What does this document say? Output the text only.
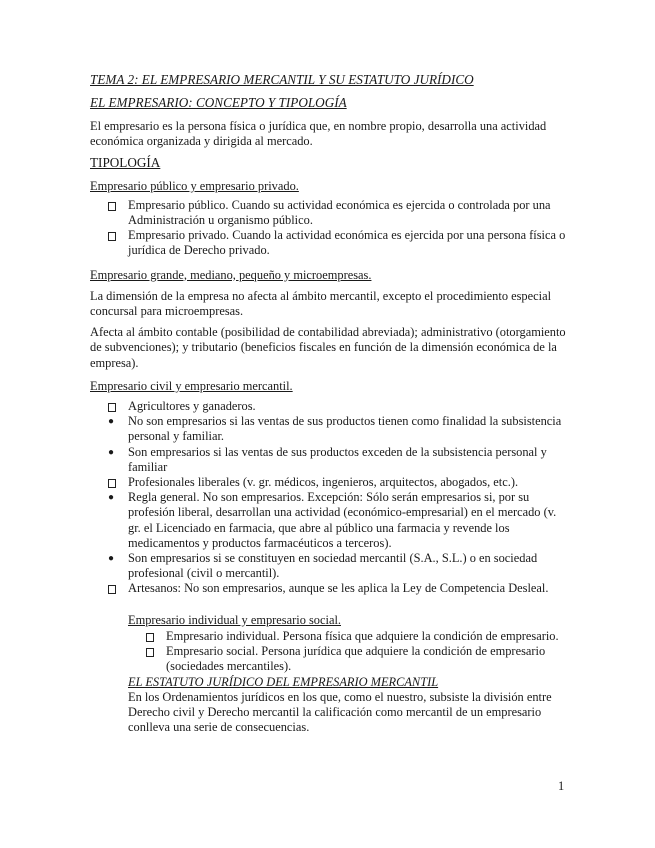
TEMA 2: EL EMPRESARIO MERCANTIL Y SU ESTATUTO JURÍDICO

EL EMPRESARIO: CONCEPTO Y TIPOLOGÍA

El empresario es la persona física o jurídica que, en nombre propio, desarrolla una actividad económica organizada y dirigida al mercado.

TIPOLOGÍA

Empresario público y empresario privado.

Empresario público. Cuando su actividad económica es ejercida o controlada por una Administración u organismo público.
Empresario privado. Cuando la actividad económica es ejercida por una persona física o jurídica de Derecho privado.

Empresario grande, mediano, pequeño y microempresas.

La dimensión de la empresa no afecta al ámbito mercantil, excepto el procedimiento especial concursal para microempresas.

Afecta al ámbito contable (posibilidad de contabilidad abreviada); administrativo (otorgamiento de subvenciones); y tributario (beneficios fiscales en función de la dimensión económica de la empresa).

Empresario civil y empresario mercantil.

Agricultores y ganaderos.
●	No son empresarios si las ventas de sus productos tienen como finalidad la subsistencia personal y familiar.
●	Son empresarios si las ventas de sus productos exceden de la subsistencia personal y familiar
Profesionales liberales (v. gr. médicos, ingenieros, arquitectos, abogados, etc.).
●	Regla general. No son empresarios. Excepción: Sólo serán empresarios si, por su profesión liberal, desarrollan una actividad (económico-empresarial) en el mercado (v. gr. el Licenciado en farmacia, que abre al público una farmacia y revende los medicamentos y productos farmacéuticos a terceros).
●	Son empresarios si se constituyen en sociedad mercantil (S.A., S.L.) o en sociedad profesional (civil o mercantil).
Artesanos: No son empresarios, aunque se les aplica la Ley de Competencia Desleal.

Empresario individual y empresario social.

Empresario individual. Persona física que adquiere la condición de empresario.
Empresario social. Persona jurídica que adquiere la condición de empresario (sociedades mercantiles).

EL ESTATUTO JURÍDICO DEL EMPRESARIO MERCANTIL

En los Ordenamientos jurídicos en los que, como el nuestro, subsiste la división entre Derecho civil y Derecho mercantil la calificación como mercantil de un empresario conlleva una serie de consecuencias.

1
